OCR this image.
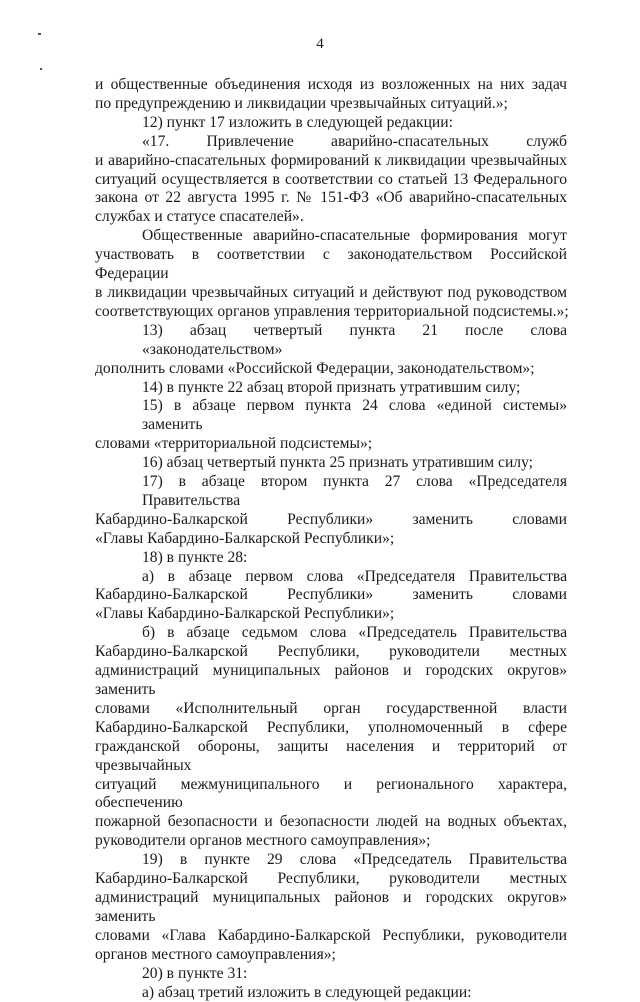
4
и общественные объединения исходя из возложенных на них задач
по предупреждению и ликвидации чрезвычайных ситуаций.»;
12) пункт 17 изложить в следующей редакции:
«17. Привлечение аварийно-спасательных служб
и аварийно-спасательных формирований к ликвидации чрезвычайных
ситуаций осуществляется в соответствии со статьей 13 Федерального
закона от 22 августа 1995 г. № 151-ФЗ «Об аварийно-спасательных
службах и статусе спасателей».
Общественные аварийно-спасательные формирования могут
участвовать в соответствии с законодательством Российской Федерации
в ликвидации чрезвычайных ситуаций и действуют под руководством
соответствующих органов управления территориальной подсистемы.»;
13) абзац четвертый пункта 21 после слова «законодательством»
дополнить словами «Российской Федерации, законодательством»;
14) в пункте 22 абзац второй признать утратившим силу;
15) в абзаце первом пункта 24 слова «единой системы» заменить
словами «территориальной подсистемы»;
16) абзац четвертый пункта 25 признать утратившим силу;
17) в абзаце втором пункта 27 слова «Председателя Правительства
Кабардино-Балкарской Республики» заменить словами
«Главы Кабардино-Балкарской Республики»;
18) в пункте 28:
а) в абзаце первом слова «Председателя Правительства
Кабардино-Балкарской Республики» заменить словами
«Главы Кабардино-Балкарской Республики»;
б) в абзаце седьмом слова «Председатель Правительства
Кабардино-Балкарской Республики, руководители местных
администраций муниципальных районов и городских округов» заменить
словами «Исполнительный орган государственной власти
Кабардино-Балкарской Республики, уполномоченный в сфере
гражданской обороны, защиты населения и территорий от чрезвычайных
ситуаций межмуниципального и регионального характера, обеспечению
пожарной безопасности и безопасности людей на водных объектах,
руководители органов местного самоуправления»;
19) в пункте 29 слова «Председатель Правительства
Кабардино-Балкарской Республики, руководители местных
администраций муниципальных районов и городских округов» заменить
словами «Глава Кабардино-Балкарской Республики, руководители
органов местного самоуправления»;
20) в пункте 31:
а) абзац третий изложить в следующей редакции:
